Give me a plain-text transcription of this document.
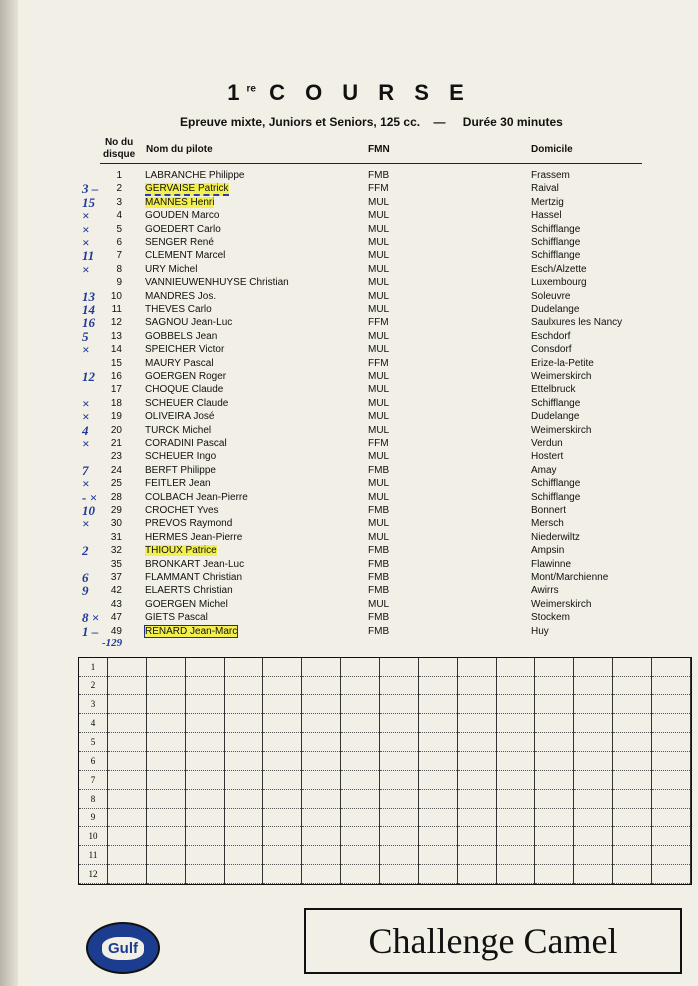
1re C O U R S E
Epreuve mixte, Juniors et Seniors, 125 cc. — Durée 30 minutes
No du
disque Nom du pilote	FMN	Domicile
1 LABRANCHE Philippe	FMB	Frassem
3 –	2 GERVAISE Patrick	FFM	Raival
15	3 MANNES Henri	MUL	Mertzig
×	4 GOUDEN Marco	MUL	Hassel
×	5 GOEDERT Carlo	MUL	Schifflange
×	6 SENGER René	MUL	Schifflange
11	7 CLEMENT Marcel	MUL	Schifflange
×	8 URY Michel	MUL	Esch/Alzette
9 VANNIEUWENHUYSE Christian	MUL	Luxembourg
13	10 MANDRES Jos.	MUL	Soleuvre
14	11 THEVES Carlo	MUL	Dudelange
16	12 SAGNOU Jean-Luc	FFM	Saulxures les Nancy
5	13 GOBBELS Jean	MUL	Eschdorf
×	14 SPEICHER Victor	MUL	Consdorf
15 MAURY Pascal	FFM	Erize-la-Petite
12	16 GOERGEN Roger	MUL	Weimerskirch
17 CHOQUE Claude	MUL	Ettelbruck
×	18 SCHEUER Claude	MUL	Schifflange
×	19 OLIVEIRA José	MUL	Dudelange
4	20 TURCK Michel	MUL	Weimerskirch
×	21 CORADINI Pascal	FFM	Verdun
23 SCHEUER Ingo	MUL	Hostert
7	24 BERFT Philippe	FMB	Amay
×	25 FEITLER Jean	MUL	Schifflange
- ×	28 COLBACH Jean-Pierre	MUL	Schifflange
10	29 CROCHET Yves	FMB	Bonnert
×	30 PREVOS Raymond	MUL	Mersch
31 HERMES Jean-Pierre	MUL	Niederwiltz
2	32 THIOUX Patrice	FMB	Ampsin
35 BRONKART Jean-Luc	FMB	Flawinne
6	37 FLAMMANT Christian	FMB	Mont/Marchienne
9	42 ELAERTS Christian	FMB	Awirrs
43 GOERGEN Michel	MUL	Weimerskirch
8 ×	47 GIETS Pascal	FMB	Stockem
1 –	49 RENARD Jean-Marc	FMB	Huy
-129
1															
2															
3															
4															
5															
6															
7															
8															
9															
10															
11															
12															
Gulf	Challenge Camel
